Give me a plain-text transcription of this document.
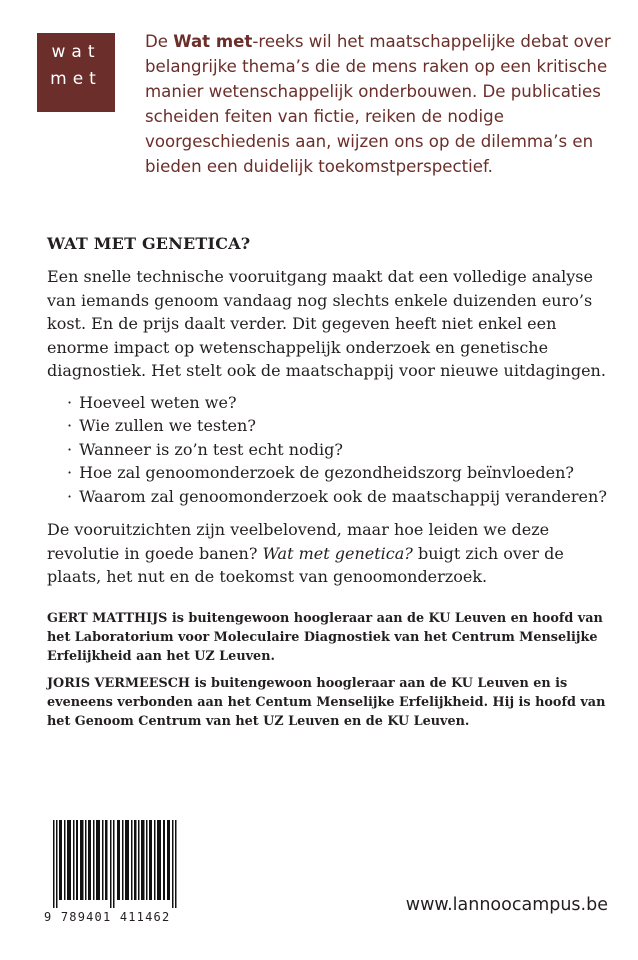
wat
met

De Wat met-reeks wil het maatschappelijke debat over belangrijke thema’s die de mens raken op een kritische manier wetenschappelijk onderbouwen. De publicaties scheiden feiten van fictie, reiken de nodige voorgeschiedenis aan, wijzen ons op de dilemma’s en bieden een duidelijk toekomstperspectief.

WAT MET GENETICA?

Een snelle technische vooruitgang maakt dat een volledige analyse van iemands genoom vandaag nog slechts enkele duizenden euro’s kost. En de prijs daalt verder. Dit gegeven heeft niet enkel een enorme impact op wetenschappelijk onderzoek en genetische diagnostiek. Het stelt ook de maatschappij voor nieuwe uitdagingen.

· Hoeveel weten we?
· Wie zullen we testen?
· Wanneer is zo’n test echt nodig?
· Hoe zal genoomonderzoek de gezondheidszorg beïnvloeden?
· Waarom zal genoomonderzoek ook de maatschappij veranderen?

De vooruitzichten zijn veelbelovend, maar hoe leiden we deze revolutie in goede banen? Wat met genetica? buigt zich over de plaats, het nut en de toekomst van genoomonderzoek.

GERT MATTHIJS is buitengewoon hoogleraar aan de KU Leuven en hoofd van het Laboratorium voor Moleculaire Diagnostiek van het Centrum Menselijke Erfelijkheid aan het UZ Leuven.

JORIS VERMEESCH is buitengewoon hoogleraar aan de KU Leuven en is eveneens verbonden aan het Centum Menselijke Erfelijkheid. Hij is hoofd van het Genoom Centrum van het UZ Leuven en de KU Leuven.

9 789401 411462
www.lannoocampus.be
